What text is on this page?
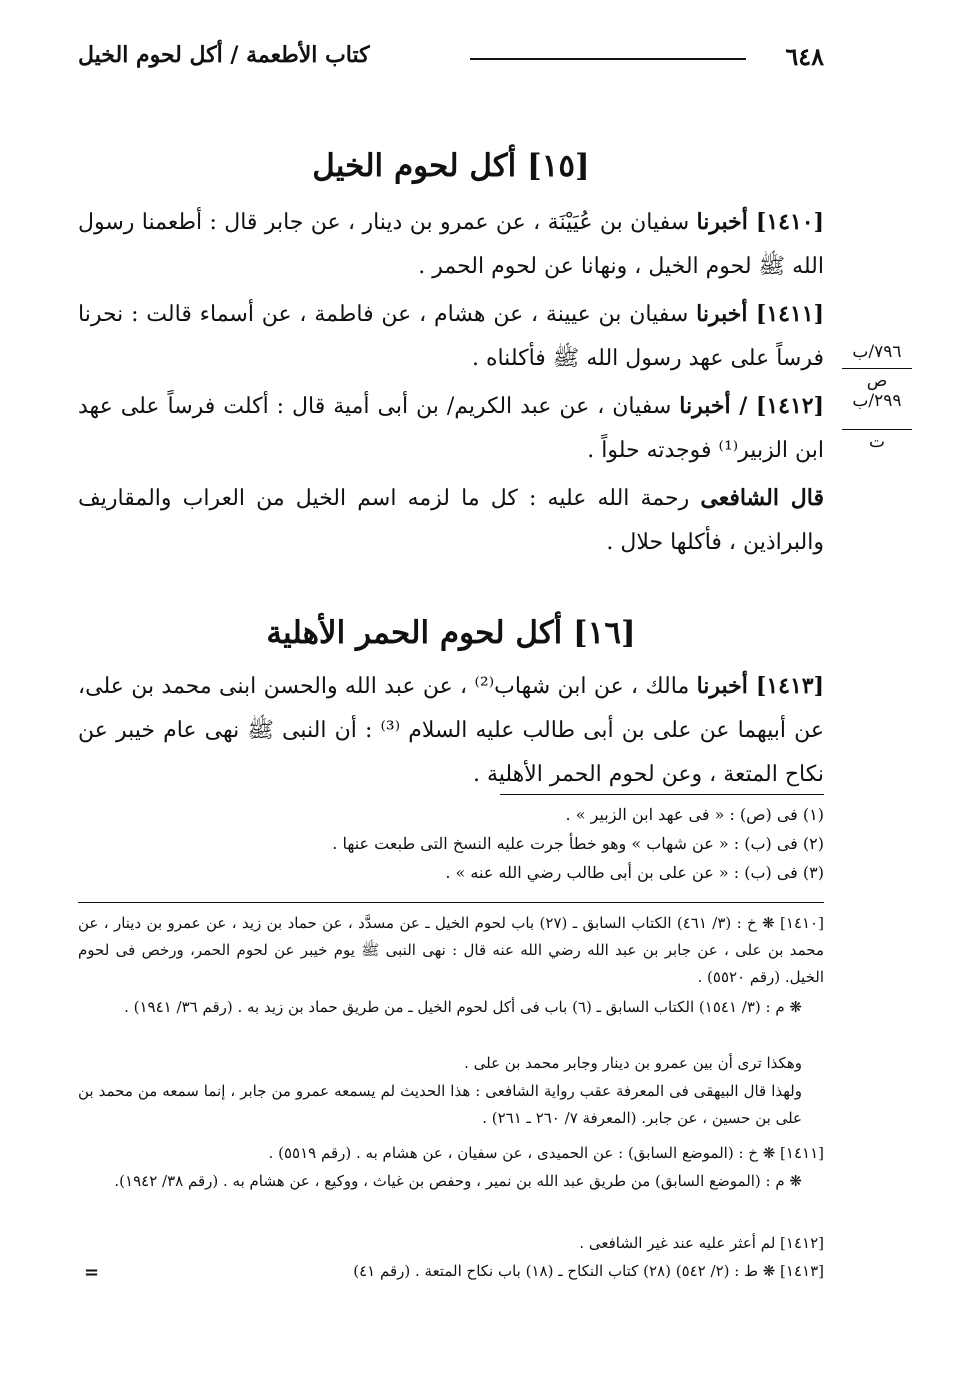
٦٤٨
كتاب الأطعمة / أكل لحوم الخيل
[١٥] أكل لحوم الخيل
[١٤١٠] أخبرنا سفيان بن عُيَيْنَة ، عن عمرو بن دينار ، عن جابر قال : أطعمنا رسول الله ﷺ لحوم الخيل ، ونهانا عن لحوم الحمر .
[١٤١١] أخبرنا سفيان بن عيينة ، عن هشام ، عن فاطمة ، عن أسماء قالت : نحرنا فرساً على عهد رسول الله ﷺ فأكلناه .
[١٤١٢] / أخبرنا سفيان ، عن عبد الكريم/ بن أبى أمية قال : أكلت فرساً على عهد ابن الزبير⁽¹⁾ فوجدته حلواً .
قال الشافعى رحمة الله عليه : كل ما لزمه اسم الخيل من العراب والمقاريف والبراذين ، فأكلها حلال .
٧٩٦/ب
ص
٢٩٩/ب
ت
[١٦] أكل لحوم الحمر الأهلية
[١٤١٣] أخبرنا مالك ، عن ابن شهاب⁽²⁾ ، عن عبد الله والحسن ابنى محمد بن على، عن أبيهما عن على بن أبى طالب عليه السلام ⁽³⁾ : أن النبى ﷺ نهى عام خيبر عن نكاح المتعة ، وعن لحوم الحمر الأهلية .
(١) فى (ص) : « فى عهد ابن الزبير » .
(٢) فى (ب) : « عن شهاب » وهو خطأ جرت عليه النسخ التى طبعت عنها .
(٣) فى (ب) : « عن على بن أبى طالب رضي الله عنه » .
[١٤١٠] ❋ خ : (٣/ ٤٦١) الكتاب السابق ـ (٢٧) باب لحوم الخيل ـ عن مسدَّد ، عن حماد بن زيد ، عن عمرو بن دينار ، عن محمد بن على ، عن جابر بن عبد الله رضي الله عنه قال : نهى النبى ﷺ يوم خيبر عن لحوم الحمر، ورخص فى لحوم الخيل. (رقم ٥٥٢٠) .
❋ م : (٣/ ١٥٤١) الكتاب السابق ـ (٦) باب فى أكل لحوم الخيل ـ من طريق حماد بن زيد به . (رقم ٣٦/ ١٩٤١) .
وهكذا ترى أن بين عمرو بن دينار وجابر محمد بن على .
ولهذا قال البيهقى فى المعرفة عقب رواية الشافعى : هذا الحديث لم يسمعه عمرو من جابر ، إنما سمعه من محمد بن على بن حسين ، عن جابر. (المعرفة ٧/ ٢٦٠ ـ ٢٦١) .
[١٤١١] ❋ خ : (الموضع السابق) : عن الحميدى ، عن سفيان ، عن هشام به . (رقم ٥٥١٩) .
❋ م : (الموضع السابق) من طريق عبد الله بن نمير ، وحفص بن غياث ، ووكيع ، عن هشام به . (رقم ٣٨/ ١٩٤٢).
[١٤١٢] لم أعثر عليه عند غير الشافعى .
[١٤١٣] ❋ ط : (٢/ ٥٤٢) (٢٨) كتاب النكاح ـ (١٨) باب نكاح المتعة . (رقم ٤١)
=
